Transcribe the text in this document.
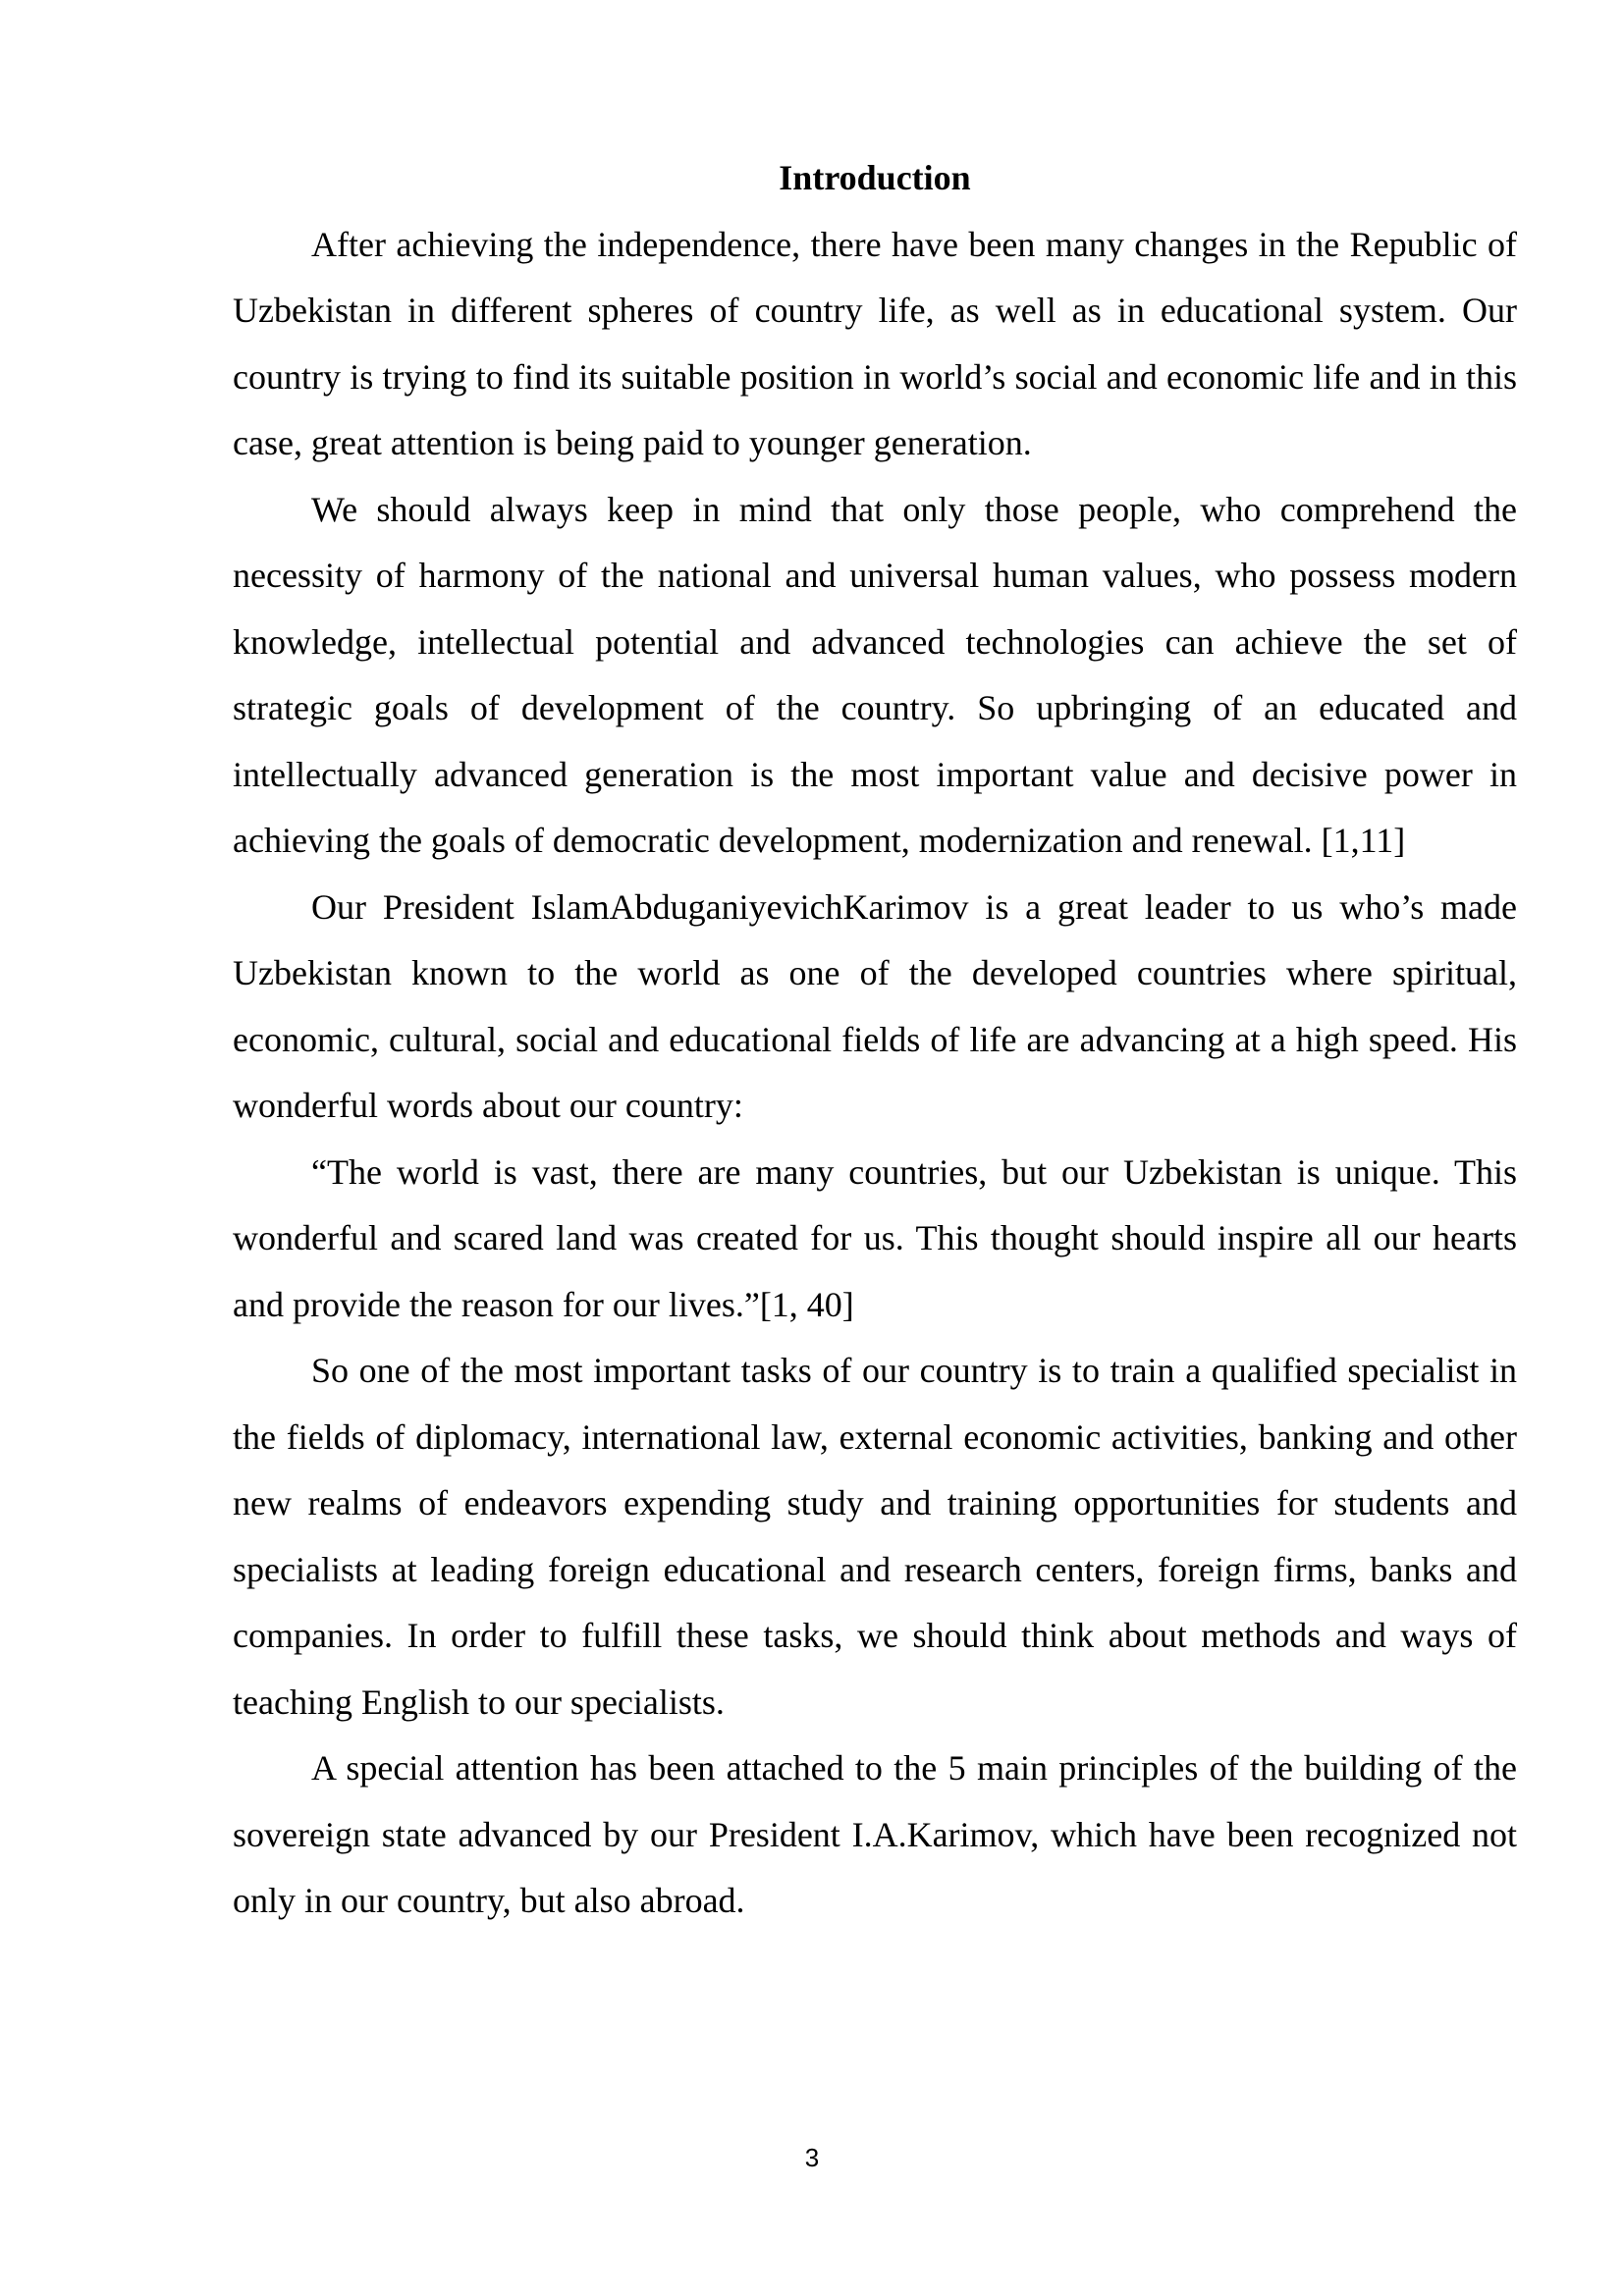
Introduction

After achieving the independence, there have been many changes in the Republic of Uzbekistan in different spheres of country life, as well as in educational system. Our country is trying to find its suitable position in world’s social and economic life and in this case, great attention is being paid to younger generation.

We should always keep in mind that only those people, who comprehend the necessity of harmony of the national and universal human values, who possess modern knowledge, intellectual potential and advanced technologies can achieve the set of strategic goals of development of the country. So upbringing of an educated and intellectually advanced generation is the most important value and decisive power in achieving the goals of democratic development, modernization and renewal. [1,11]

Our President IslamAbduganiyevichKarimov is a great leader to us who’s made Uzbekistan known to the world as one of the developed countries where spiritual, economic, cultural, social and educational fields of life are advancing at a high speed. His wonderful words about our country:

“The world is vast, there are many countries, but our Uzbekistan is unique. This wonderful and scared land was created for us. This thought should inspire all our hearts and provide the reason for our lives.”[1, 40]

So one of the most important tasks of our country is to train a qualified specialist in the fields of diplomacy, international law, external economic activities, banking and other new realms of endeavors expending study and training opportunities for students and specialists at leading foreign educational and research centers, foreign firms, banks and companies. In order to fulfill these tasks, we should think about methods and ways of teaching English to our specialists.

A special attention has been attached to the 5 main principles of the building of the sovereign state advanced by our President I.A.Karimov, which have been recognized not only in our country, but also abroad.

3
